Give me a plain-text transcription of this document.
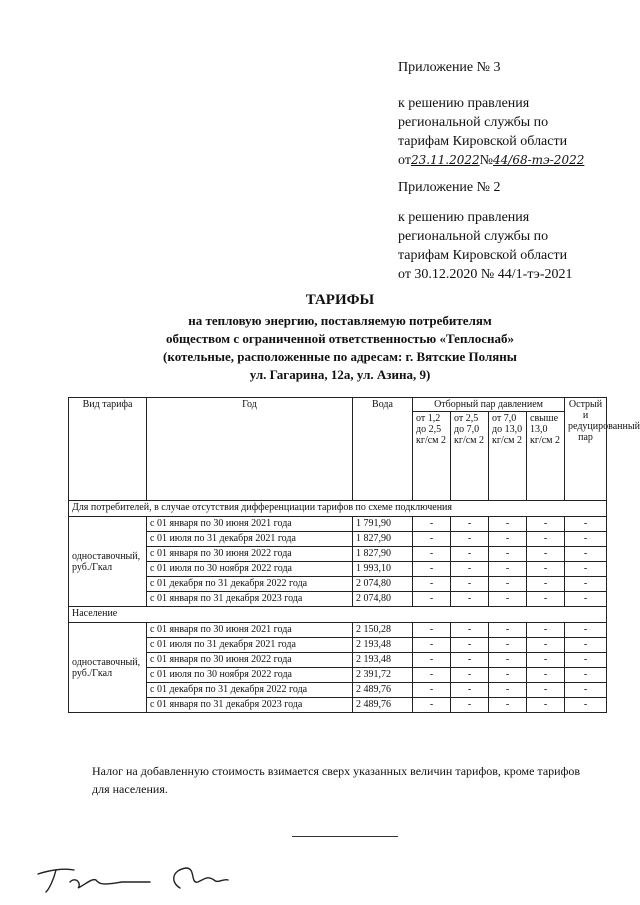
Приложение № 3
к решению правления
региональной службы по
тарифам Кировской области
от23.11.2022№44/68-тэ-2022
Приложение № 2
к решению правления
региональной службы по
тарифам Кировской области
от 30.12.2020 № 44/1-тэ-2021
ТАРИФЫ
на тепловую энергию, поставляемую потребителям
обществом с ограниченной ответственностью «Теплоснаб»
(котельные, расположенные по адресам: г. Вятские Поляны
ул. Гагарина, 12а, ул. Азина, 9)
Вид тарифа	Год	Вода	Отборный пар давлением				Острый и редуцированный пар
			от 1,2 до 2,5 кг/см 2	от 2,5 до 7,0 кг/см 2	от 7,0 до 13,0 кг/см 2	свыше 13,0 кг/см 2	
Для потребителей, в случае отсутствия дифференциации тарифов по схеме подключения							
одноставочный, руб./Гкал	с 01 января по 30 июня 2021 года	1 791,90	-	-	-	-	-
	с 01 июля по 31 декабря 2021 года	1 827,90	-	-	-	-	-
	с 01 января по 30 июня 2022 года	1 827,90	-	-	-	-	-
	с 01 июля по 30 ноября 2022 года	1 993,10	-	-	-	-	-
	с 01 декабря по 31 декабря 2022 года	2 074,80	-	-	-	-	-
	с 01 января по 31 декабря 2023 года	2 074,80	-	-	-	-	-
Население							
одноставочный, руб./Гкал	с 01 января по 30 июня 2021 года	2 150,28	-	-	-	-	-
	с 01 июля по 31 декабря 2021 года	2 193,48	-	-	-	-	-
	с 01 января по 30 июня 2022 года	2 193,48	-	-	-	-	-
	с 01 июля по 30 ноября 2022 года	2 391,72	-	-	-	-	-
	с 01 декабря по 31 декабря 2022 года	2 489,76	-	-	-	-	-
	с 01 января по 31 декабря 2023 года	2 489,76	-	-	-	-	-
Налог на добавленную стоимость взимается сверх указанных величин тарифов, кроме тарифов для населения.
